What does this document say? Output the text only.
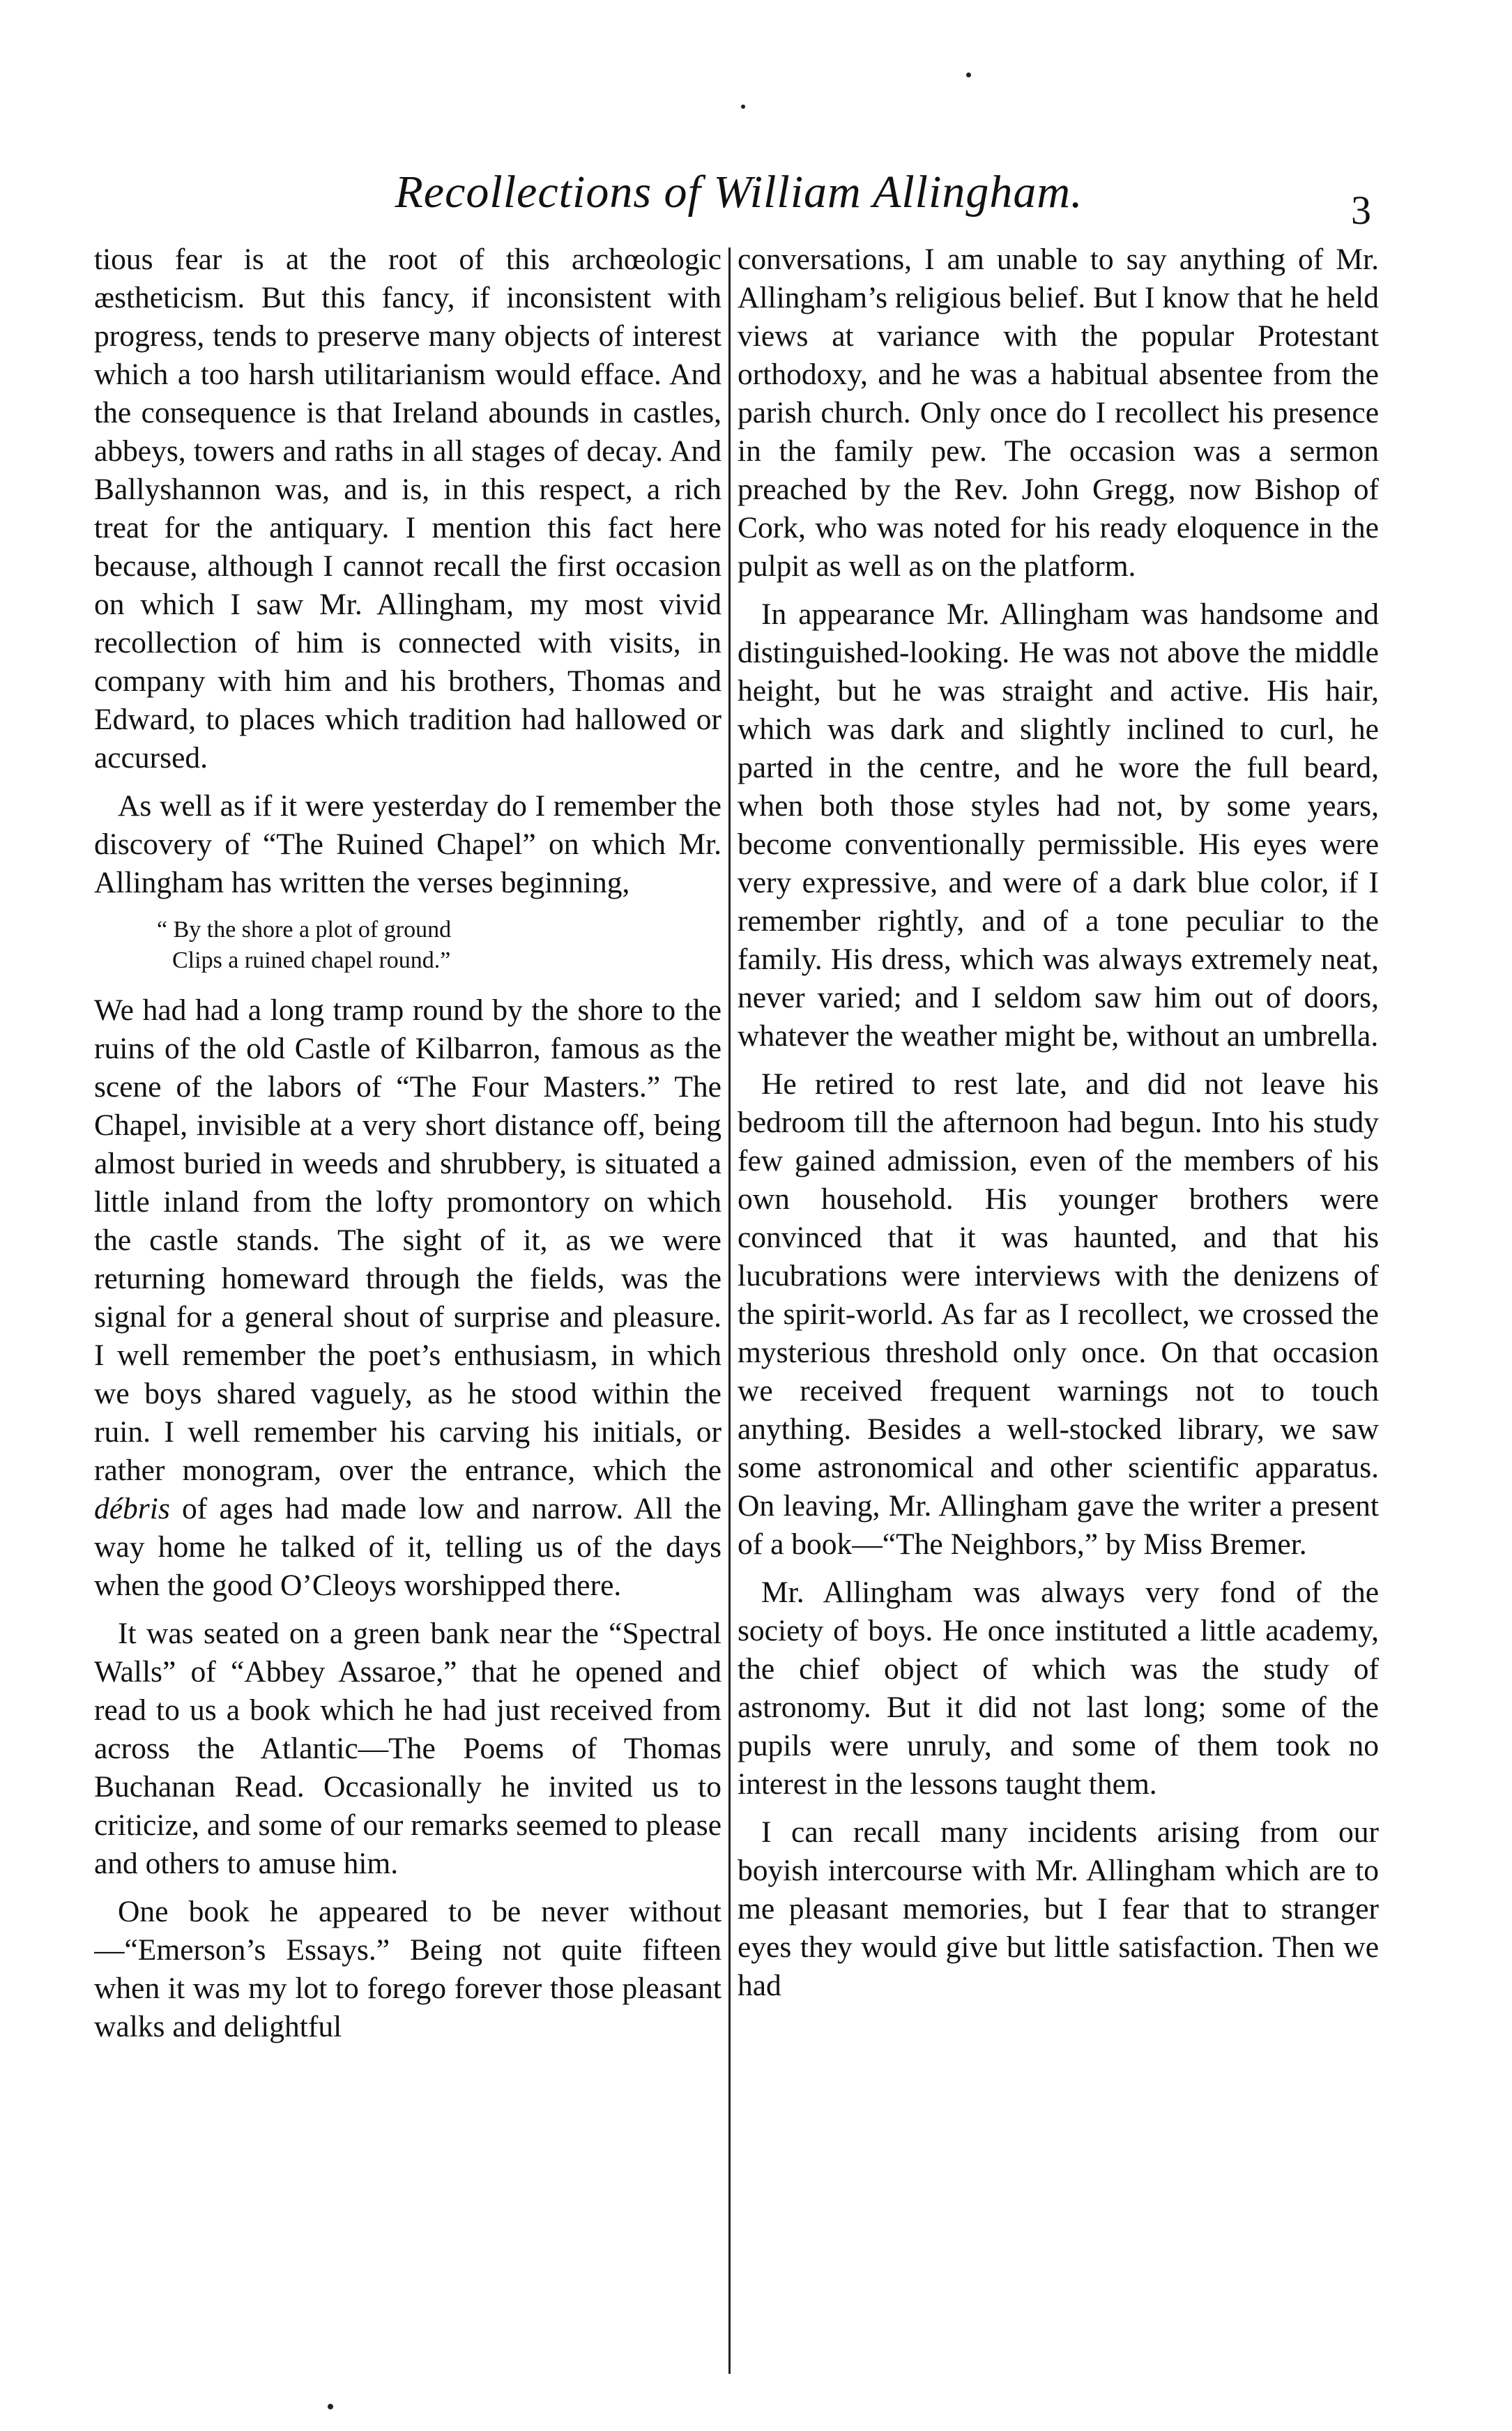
Recollections of William Allingham.	3

tious fear is at the root of this archœologic æstheticism. But this fancy, if inconsistent with progress, tends to preserve many objects of interest which a too harsh utilitarianism would efface. And the consequence is that Ireland abounds in castles, abbeys, towers and raths in all stages of decay. And Ballyshannon was, and is, in this respect, a rich treat for the antiquary. I mention this fact here because, although I cannot recall the first occasion on which I saw Mr. Allingham, my most vivid recollection of him is connected with visits, in company with him and his brothers, Thomas and Edward, to places which tradition had hallowed or accursed.

As well as if it were yesterday do I remember the discovery of “The Ruined Chapel” on which Mr. Allingham has written the verses beginning,

“ By the shore a plot of ground
Clips a ruined chapel round.”

We had had a long tramp round by the shore to the ruins of the old Castle of Kilbarron, famous as the scene of the labors of “The Four Masters.” The Chapel, invisible at a very short distance off, being almost buried in weeds and shrubbery, is situated a little inland from the lofty promontory on which the castle stands. The sight of it, as we were returning homeward through the fields, was the signal for a general shout of surprise and pleasure. I well remember the poet’s enthusiasm, in which we boys shared vaguely, as he stood within the ruin. I well remember his carving his initials, or rather monogram, over the entrance, which the débris of ages had made low and narrow. All the way home he talked of it, telling us of the days when the good O’Cleoys worshipped there.

It was seated on a green bank near the “Spectral Walls” of “Abbey Assaroe,” that he opened and read to us a book which he had just received from across the Atlantic—The Poems of Thomas Buchanan Read. Occasionally he invited us to criticize, and some of our remarks seemed to please and others to amuse him.

One book he appeared to be never without—“Emerson’s Essays.” Being not quite fifteen when it was my lot to forego forever those pleasant walks and delightful

conversations, I am unable to say anything of Mr. Allingham’s religious belief. But I know that he held views at variance with the popular Protestant orthodoxy, and he was a habitual absentee from the parish church. Only once do I recollect his presence in the family pew. The occasion was a sermon preached by the Rev. John Gregg, now Bishop of Cork, who was noted for his ready eloquence in the pulpit as well as on the platform.

In appearance Mr. Allingham was handsome and distinguished-looking. He was not above the middle height, but he was straight and active. His hair, which was dark and slightly inclined to curl, he parted in the centre, and he wore the full beard, when both those styles had not, by some years, become conventionally permissible. His eyes were very expressive, and were of a dark blue color, if I remember rightly, and of a tone peculiar to the family. His dress, which was always extremely neat, never varied; and I seldom saw him out of doors, whatever the weather might be, without an umbrella.

He retired to rest late, and did not leave his bedroom till the afternoon had begun. Into his study few gained admission, even of the members of his own household. His younger brothers were convinced that it was haunted, and that his lucubrations were interviews with the denizens of the spirit-world. As far as I recollect, we crossed the mysterious threshold only once. On that occasion we received frequent warnings not to touch anything. Besides a well-stocked library, we saw some astronomical and other scientific apparatus. On leaving, Mr. Allingham gave the writer a present of a book—“The Neighbors,” by Miss Bremer.

Mr. Allingham was always very fond of the society of boys. He once instituted a little academy, the chief object of which was the study of astronomy. But it did not last long; some of the pupils were unruly, and some of them took no interest in the lessons taught them.

I can recall many incidents arising from our boyish intercourse with Mr. Allingham which are to me pleasant memories, but I fear that to stranger eyes they would give but little satisfaction. Then we had
